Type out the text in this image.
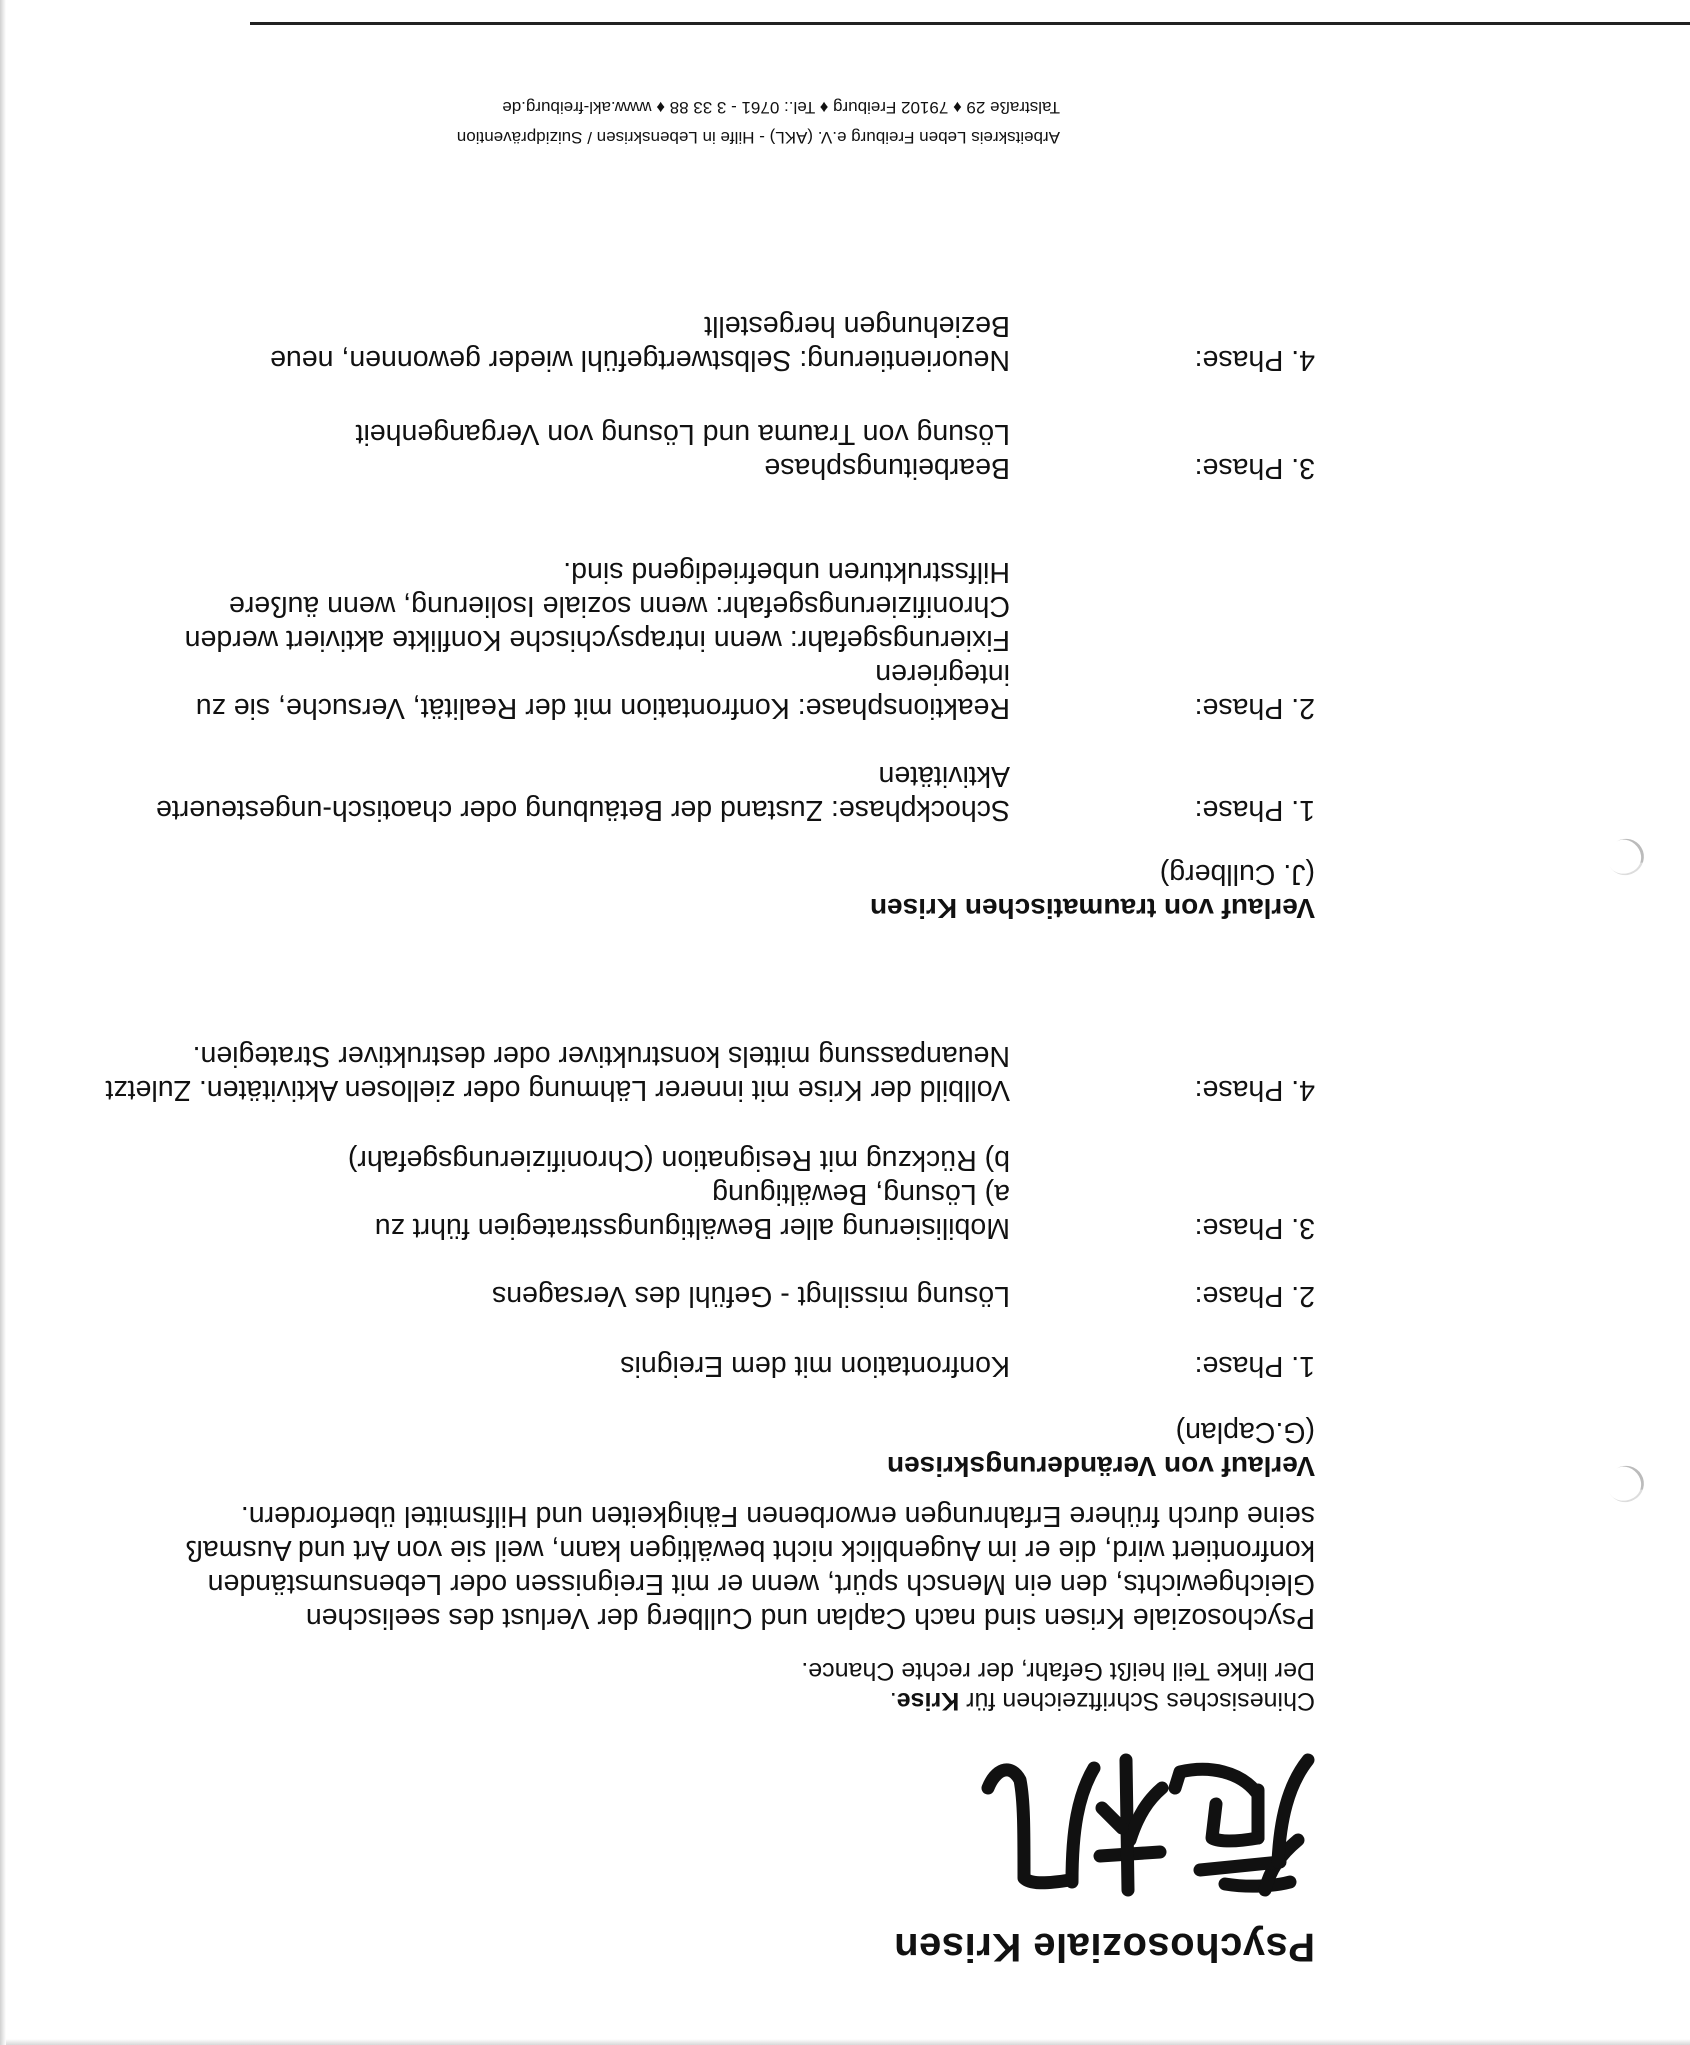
Psychosoziale Krisen

Chinesisches Schriftzeichen für Krise.

Der linke Teil heißt Gefahr, der rechte Chance.

Psychosoziale Krisen sind nach Caplan und Cullberg der Verlust des seelischen

Gleichgewichts, den ein Mensch spürt, wenn er mit Ereignissen oder Lebensumständen

konfrontiert wird, die er im Augenblick nicht bewältigen kann, weil sie von Art und Ausmaß

seine durch frühere Erfahrungen erworbenen Fähigkeiten und Hilfsmittel überfordern.

Verlauf von Veränderungskrisen

(G.Caplan)

1. Phase:
Konfrontation mit dem Ereignis
2. Phase:
Lösung missilngt - Gefühl des Versagens
3. Phase:
Mobilisierung aller Bewältigungsstrategien führt zu
a) Lösung, Bewältigung
b) Rückzug mit Resignation (Chronifizierungsgefahr)
4. Phase:
Vollbild der Krise mit innerer Lähmung oder ziellosen Aktivitäten. Zuletzt
Neuanpassung mittels konstruktiver oder destruktiver Strategien.

Verlauf von traumatischen Krisen

(J. Cullberg)

1. Phase:
Schockphase: Zustand der Betäubung oder chaotisch-ungesteuerte
Aktivitäten
2. Phase:
Reaktionsphase: Konfrontation mit der Realität, Versuche, sie zu
integrieren
Fixierungsgefahr: wenn intrapsychische Konflikte aktiviert werden
Chronifizierungsgefahr: wenn soziale Isolierung, wenn äußere
Hilfsstrukturen unbefriedigend sind.
3. Phase:
Bearbeitungsphase
Lösung von Trauma und Lösung von Vergangenheit
4. Phase:
Neuorientierung: Selbstwertgefühl wieder gewonnen, neue
Beziehungen hergestellt
Arbeitskreis Leben Freiburg e.V. (AKL) - Hilfe in Lebenskrisen / Suizidprävention
Talstraße 29 ♦ 79102 Freiburg ♦ Tel.: 0761 - 3 33 88 ♦ www.akl-freiburg.de
